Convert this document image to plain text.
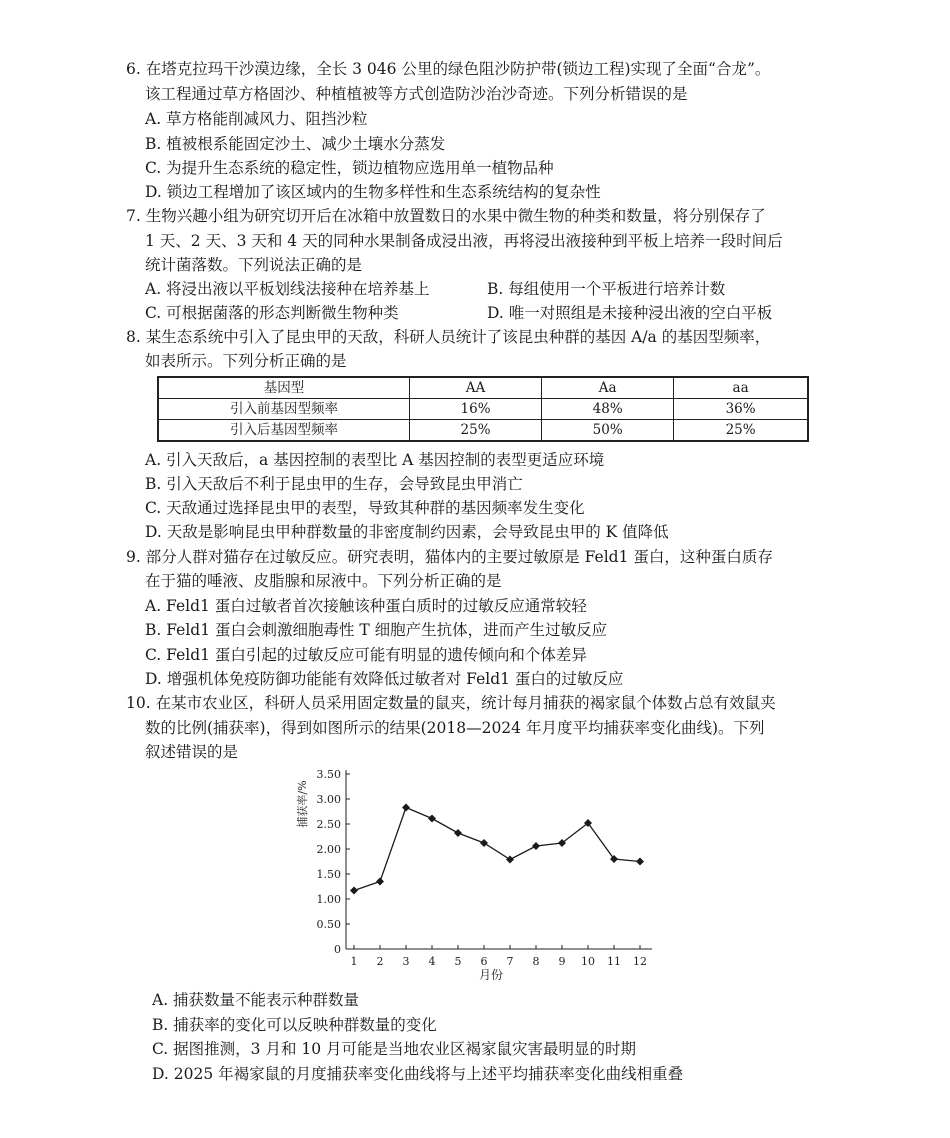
6. 在塔克拉玛干沙漠边缘，全长 3 046 公里的绿色阻沙防护带(锁边工程)实现了全面“合龙”。
该工程通过草方格固沙、种植植被等方式创造防沙治沙奇迹。下列分析错误的是
A. 草方格能削减风力、阻挡沙粒
B. 植被根系能固定沙土、减少土壤水分蒸发
C. 为提升生态系统的稳定性，锁边植物应选用单一植物品种
D. 锁边工程增加了该区域内的生物多样性和生态系统结构的复杂性
7. 生物兴趣小组为研究切开后在冰箱中放置数日的水果中微生物的种类和数量，将分别保存了
1 天、2 天、3 天和 4 天的同种水果制备成浸出液，再将浸出液接种到平板上培养一段时间后
统计菌落数。下列说法正确的是
A. 将浸出液以平板划线法接种在培养基上	B. 每组使用一个平板进行培养计数
C. 可根据菌落的形态判断微生物种类	D. 唯一对照组是未接种浸出液的空白平板
8. 某生态系统中引入了昆虫甲的天敌，科研人员统计了该昆虫种群的基因 A/a 的基因型频率，
如表所示。下列分析正确的是
基因型	AA	Aa	aa
引入前基因型频率	16%	48%	36%
引入后基因型频率	25%	50%	25%
A. 引入天敌后，a 基因控制的表型比 A 基因控制的表型更适应环境
B. 引入天敌后不利于昆虫甲的生存，会导致昆虫甲消亡
C. 天敌通过选择昆虫甲的表型，导致其种群的基因频率发生变化
D. 天敌是影响昆虫甲种群数量的非密度制约因素，会导致昆虫甲的 K 值降低
9. 部分人群对猫存在过敏反应。研究表明，猫体内的主要过敏原是 Feld1 蛋白，这种蛋白质存
在于猫的唾液、皮脂腺和尿液中。下列分析正确的是
A. Feld1 蛋白过敏者首次接触该种蛋白质时的过敏反应通常较轻
B. Feld1 蛋白会刺激细胞毒性 T 细胞产生抗体，进而产生过敏反应
C. Feld1 蛋白引起的过敏反应可能有明显的遗传倾向和个体差异
D. 增强机体免疫防御功能能有效降低过敏者对 Feld1 蛋白的过敏反应
10. 在某市农业区，科研人员采用固定数量的鼠夹，统计每月捕获的褐家鼠个体数占总有效鼠夹
数的比例(捕获率)，得到如图所示的结果(2018—2024 年月度平均捕获率变化曲线)。下列
叙述错误的是
0
0.50
1.00
1.50
2.00
2.50
3.00
3.50
1 2 3 4 5 6 7 8 9 10 11 12
月份
捕获率/%
A. 捕获数量不能表示种群数量
B. 捕获率的变化可以反映种群数量的变化
C. 据图推测，3 月和 10 月可能是当地农业区褐家鼠灾害最明显的时期
D. 2025 年褐家鼠的月度捕获率变化曲线将与上述平均捕获率变化曲线相重叠
